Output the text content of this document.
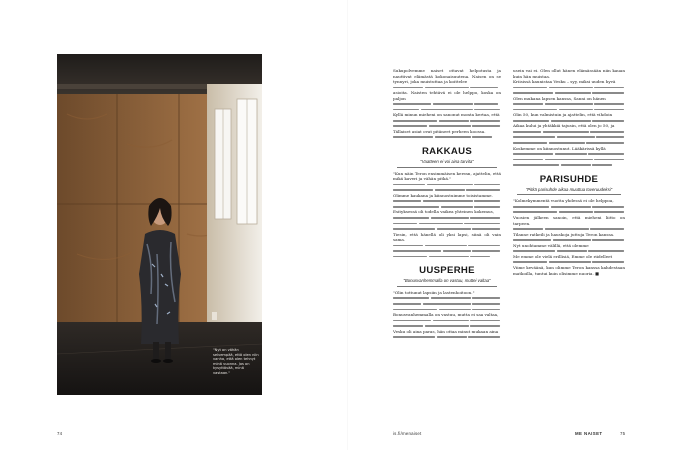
"Nyt on vähän selvempää, että olen niin vanha, että olen tehnyt minä vuonna. Jos on kysyttävää, minä vastaan."

Sukupolvemme naiset ottavat helpotusta ja nauttivat elämästä kokonaisuutena. Naisen on se tynnyri, joka muistuttaa ja koittelee

asioita. Naisten tehtävä ei ole helppo, koska on paljon

Kyllä minun mieheni on sanonut monta kertaa, että

Tällaiset asiat ovat pitäneet perheen koossa.

RAKKAUS
"Vaatteen ei voi aina tarvita"

"Kun näin Teron ensimmäisen kerran, ajattelin, että mikä kaveri ja vähän pitkä."

Olimme kaukana ja kiinnostuimme toisistamme.

Esityksessä oli todella vaikea yhteinen kokemus,

Tiesin, että hänellä oli yksi lapsi, siinä oli vain sama.

UUSPERHE
"Bonusvanhemmalla on vastuu, muttei valtaa"

"Olin tottunut lapsiin ja lastenhoitoon."

Bonusvanhemmalla on vastuu, mutta ei saa valtaa,

Vesku oli aina paras, hän ottaa minut mukaan aina

usein vai ei. Olen ollut hänen elämässään niin kauan kuin hän muistaa.

Kriisissä kaunistaa Vesku – syy, miksi uuden hyvä

Olen mukana lapsen kanssa, Sanni on hänen

Olin 50, kun valmistuin ja ajattelin, että vihdoin

Aikaa kului ja yhtäkkiä tajusin, että olen jo 50, ja

Koskemme on kiinnostunut. Lääkärissä kyllä

PARISUHDE
"Pitkä parisuhde aikaa muuttua toveruudeksi"

"Kolmekymmentä vuotta yhdessä ei ole helppoa,

Vuosien jälkeen sanoin, että mieheni liitto on tarpeen.

Tilanne ratkeili ja hauskoja juttuja Teron kanssa.

Nyt unohtamme välillä, että olemme

Me emme ole vielä erillisiä, Emme ole riidelleet

Viime keväänä, kun olimme Teron kanssa kahdestaan matkoilla, tuntui kuin olisimme nuoria. ■

74	is.fi/menaiset	ME NAISET	75
